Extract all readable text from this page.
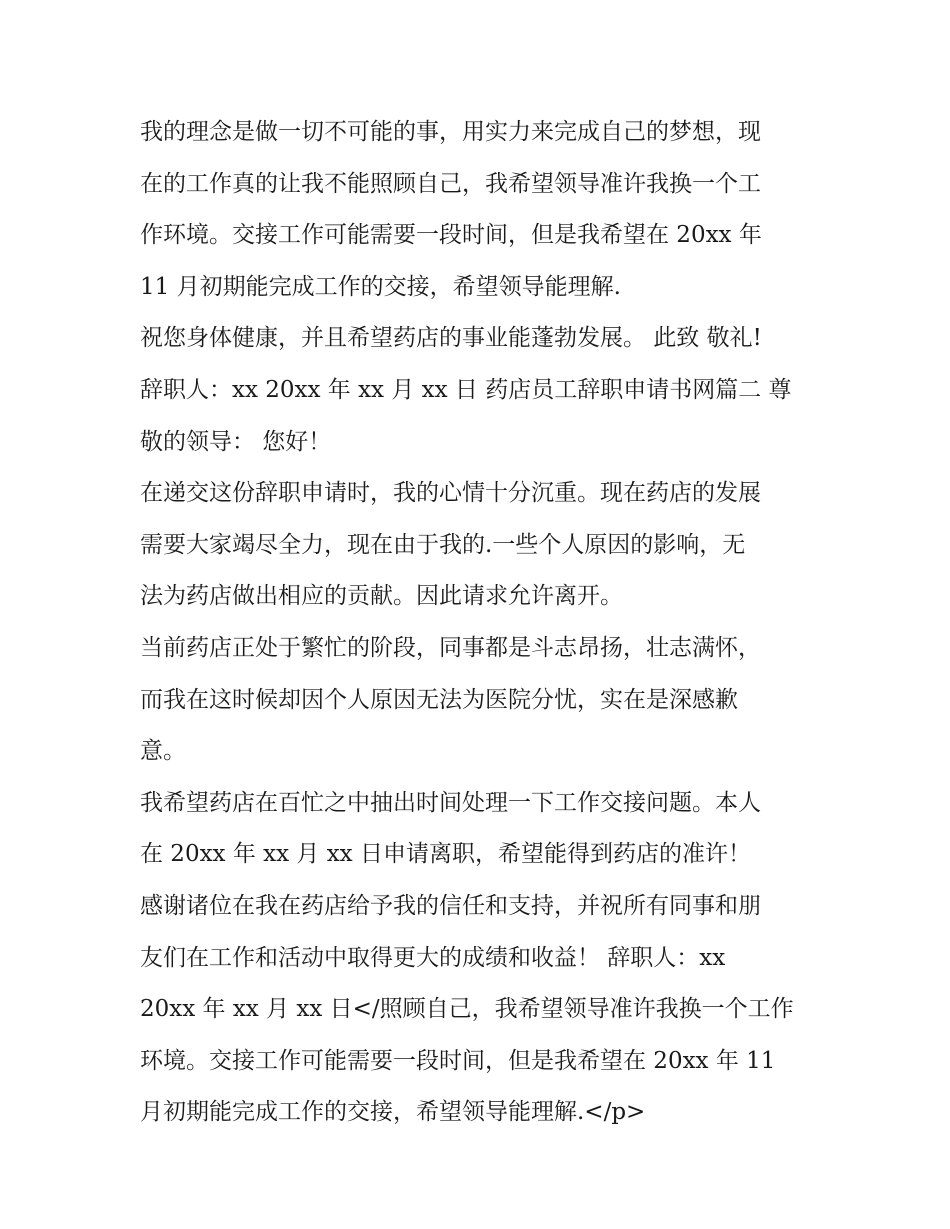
我的理念是做一切不可能的事，用实力来完成自己的梦想，现
在的工作真的让我不能照顾自己，我希望领导准许我换一个工
作环境。交接工作可能需要一段时间，但是我希望在 20xx 年
11 月初期能完成工作的交接，希望领导能理解.
祝您身体健康，并且希望药店的事业能蓬勃发展。 此致 敬礼!
辞职人：xx 20xx 年 xx 月 xx 日 药店员工辞职申请书网篇二 尊
敬的领导： 您好！
在递交这份辞职申请时，我的心情十分沉重。现在药店的发展
需要大家竭尽全力，现在由于我的.一些个人原因的影响，无
法为药店做出相应的贡献。因此请求允许离开。
当前药店正处于繁忙的阶段，同事都是斗志昂扬，壮志满怀，
而我在这时候却因个人原因无法为医院分忧，实在是深感歉
意。
我希望药店在百忙之中抽出时间处理一下工作交接问题。本人
在 20xx 年 xx 月 xx 日申请离职，希望能得到药店的准许！
感谢诸位在我在药店给予我的信任和支持，并祝所有同事和朋
友们在工作和活动中取得更大的成绩和收益！ 辞职人：xx
20xx 年 xx 月 xx 日</照顾自己，我希望领导准许我换一个工作
环境。交接工作可能需要一段时间，但是我希望在 20xx 年 11
月初期能完成工作的交接，希望领导能理解.</p>
